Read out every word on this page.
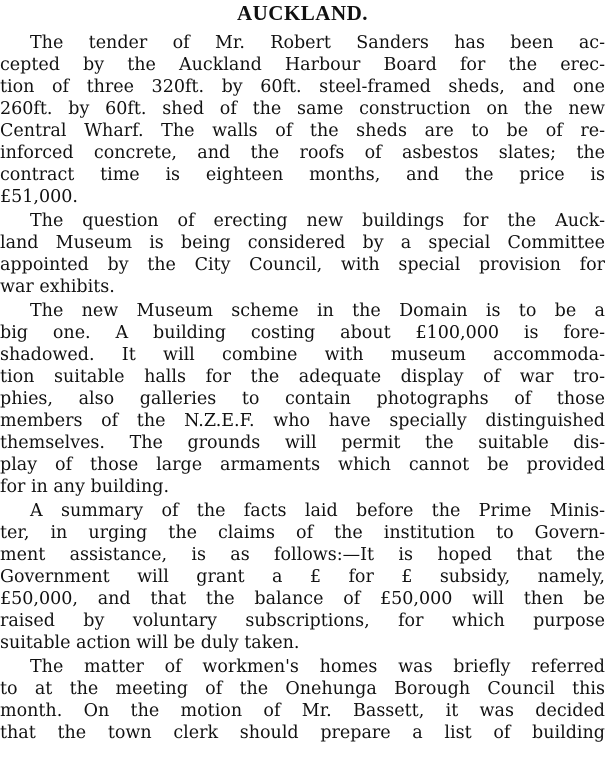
AUCKLAND.
The tender of Mr. Robert Sanders has been ac-
cepted by the Auckland Harbour Board for the erec-
tion of three 320ft. by 60ft. steel-framed sheds, and one
260ft. by 60ft. shed of the same construction on the new
Central Wharf. The walls of the sheds are to be of re-
inforced concrete, and the roofs of asbestos slates; the
contract time is eighteen months, and the price is
£51,000.
The question of erecting new buildings for the Auck-
land Museum is being considered by a special Committee
appointed by the City Council, with special provision for
war exhibits.
The new Museum scheme in the Domain is to be a
big one. A building costing about £100,000 is fore-
shadowed. It will combine with museum accommoda-
tion suitable halls for the adequate display of war tro-
phies, also galleries to contain photographs of those
members of the N.Z.E.F. who have specially distinguished
themselves. The grounds will permit the suitable dis-
play of those large armaments which cannot be provided
for in any building.
A summary of the facts laid before the Prime Minis-
ter, in urging the claims of the institution to Govern-
ment assistance, is as follows:—It is hoped that the
Government will grant a £ for £ subsidy, namely,
£50,000, and that the balance of £50,000 will then be
raised by voluntary subscriptions, for which purpose
suitable action will be duly taken.
The matter of workmen's homes was briefly referred
to at the meeting of the Onehunga Borough Council this
month. On the motion of Mr. Bassett, it was decided
that the town clerk should prepare a list of building
